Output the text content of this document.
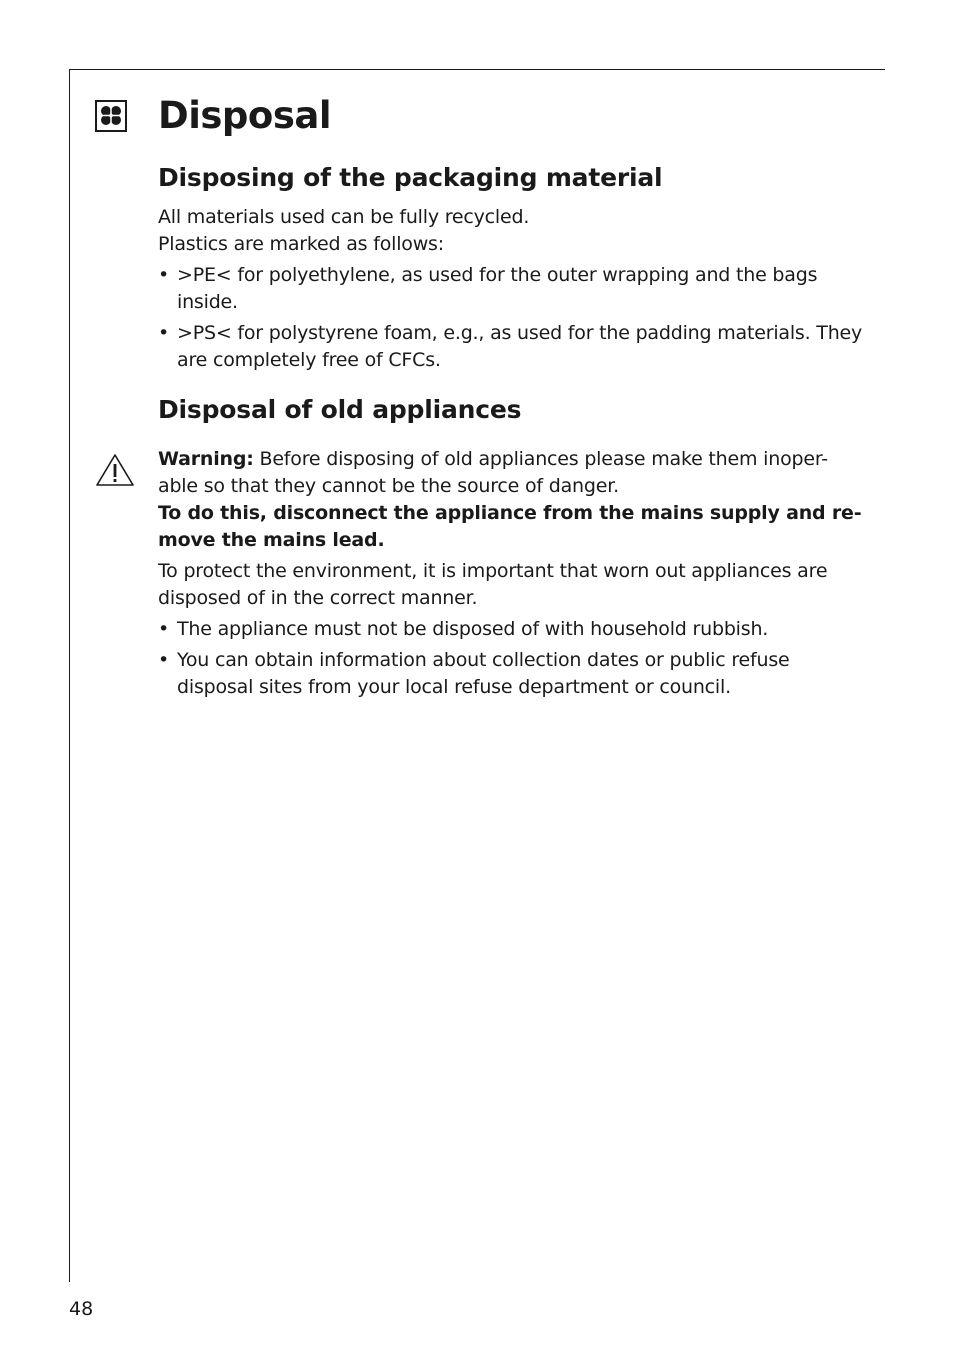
Disposal
Disposing of the packaging material

All materials used can be fully recycled.

Plastics are marked as follows:

• >PE< for polyethylene, as used for the outer wrapping and the bags inside.
• >PS< for polystyrene foam, e.g., as used for the padding materials. They are completely free of CFCs.
Disposal of old appliances

Warning: Before disposing of old appliances please make them inoper-able so that they cannot be the source of danger.

To do this, disconnect the appliance from the mains supply and re-move the mains lead.

To protect the environment, it is important that worn out appliances are disposed of in the correct manner.

• The appliance must not be disposed of with household rubbish.
• You can obtain information about collection dates or public refuse disposal sites from your local refuse department or council.
48
